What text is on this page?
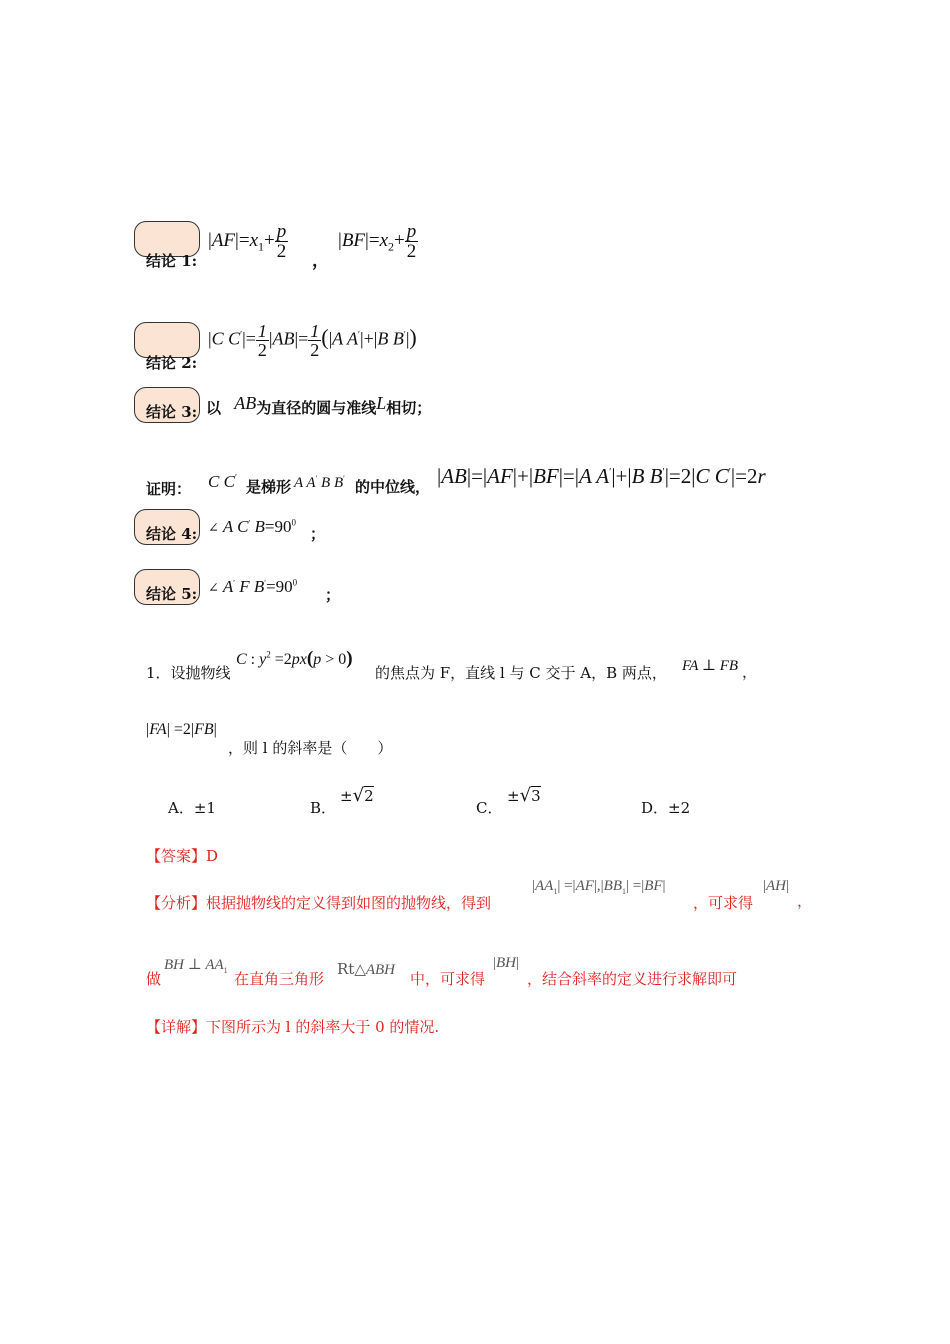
结论 1:
$|AF|=x_1+ \frac{p}{2}$ ，
$|BF|=x_2+ \frac{p}{2}$
结论 2:
|C $C'|= \frac{1}{2} |AB|= \frac{1}{2} (|A$ A′|+|B B′|)
结论 3: 以 AB为直径的圆与准线L相切；
证明： C C′
是梯形 A A′ B B′ 的中位线， |AB|=|AF|+|BF|=|A A′|+|B B′|=2|C C′|=2r
结论 4: ∠ A C′ $B=90^0$
；
结论 5: ∠ A′ F $B'=90^0$
；
1．设抛物线
C : $y^2 =2px(p > 0)$
的焦点为 F，直线 l 与 C 交于 A，B 两点， FA ⊥ FB ，
|FA| =2|FB|
，则 l 的斜率是（　　）
A．±1	B．
±√2
C．
±√3
D．±2
【答案】D
【分析】根据抛物线的定义得到如图的抛物线，得到
$|AA_1| =|AF|,|BB_1| =|BF|$
，可求得
|AH|
，
做
BH ⊥ $AA_1$ 在直角三角形
Rt△ABH 中，可求得
|BH|
，结合斜率的定义进行求解即可
【详解】下图所示为 l 的斜率大于 0 的情况.
